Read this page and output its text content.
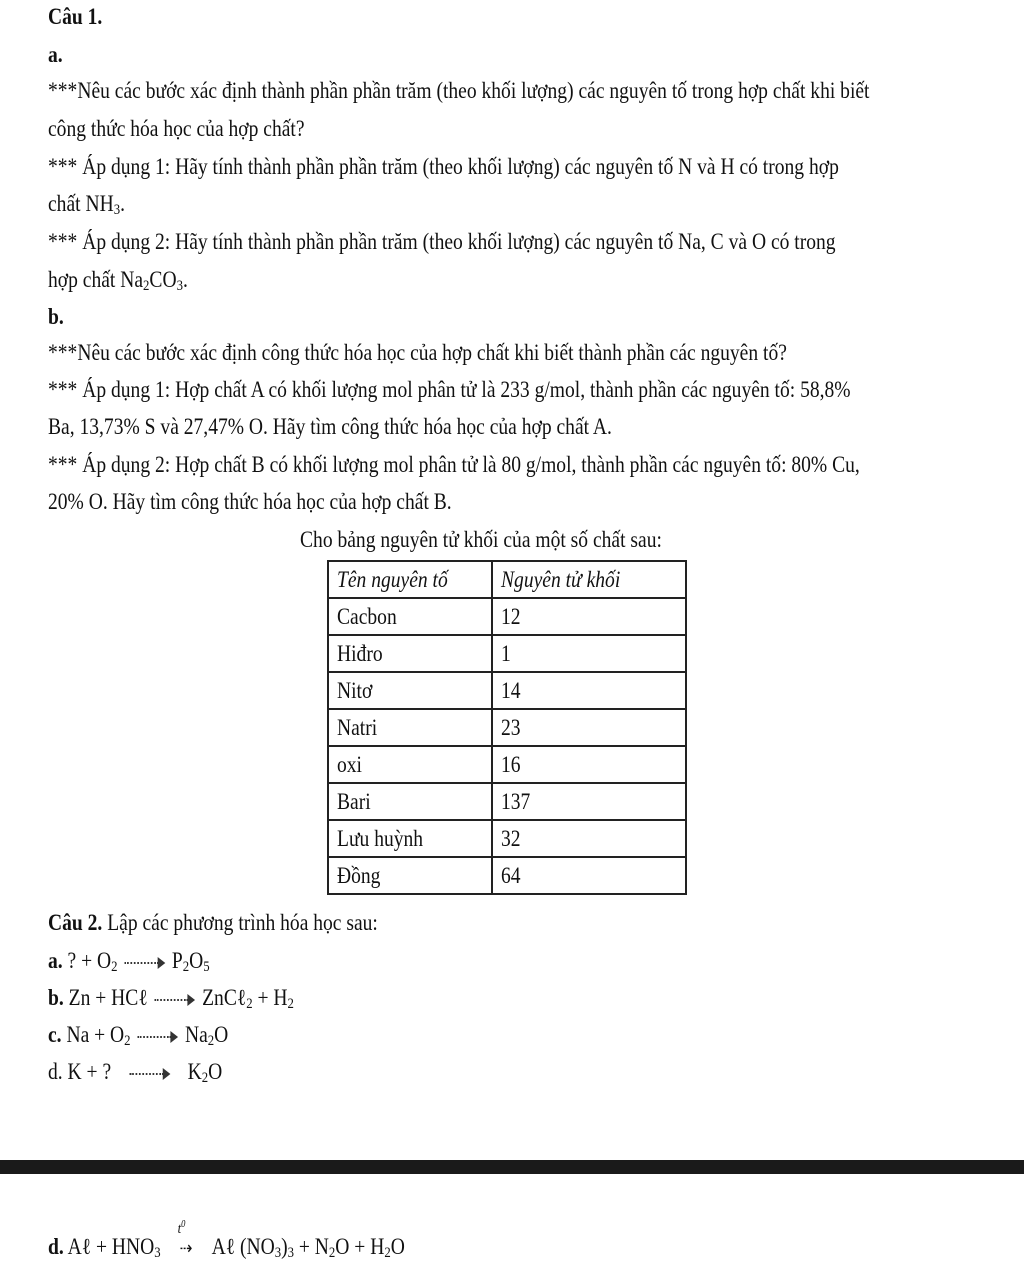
Câu 1.
a.
***Nêu các bước xác định thành phần phần trăm (theo khối lượng) các nguyên tố trong hợp chất khi biết
công thức hóa học của hợp chất?
*** Áp dụng 1: Hãy tính thành phần phần trăm (theo khối lượng) các nguyên tố N và H có trong hợp
chất $NH_3$.
*** Áp dụng 2: Hãy tính thành phần phần trăm (theo khối lượng) các nguyên tố Na, C và O có trong
hợp chất $Na_2CO_3$.
b.
***Nêu các bước xác định công thức hóa học của hợp chất khi biết thành phần các nguyên tố?
*** Áp dụng 1: Hợp chất A có khối lượng mol phân tử là 233 g/mol, thành phần các nguyên tố: 58,8%
Ba, 13,73% S và 27,47% O. Hãy tìm công thức hóa học của hợp chất A.
*** Áp dụng 2: Hợp chất B có khối lượng mol phân tử là 80 g/mol, thành phần các nguyên tố: 80% Cu,
20% O. Hãy tìm công thức hóa học của hợp chất B.
Cho bảng nguyên tử khối của một số chất sau:
Tên nguyên tố	Nguyên tử khối
Cacbon	12
Hiđro	1
Nitơ	14
Natri	23
oxi	16
Bari	137
Lưu huỳnh	32
Đồng	64
Câu 2. Lập các phương trình hóa học sau:
a. ? + $O_2$ $P_2O_5$
b. Zn + HCℓ ZnCℓ$_2$ + $H_2$
c. $Na + O_2$ $Na_2O$
d. K + ?	$K_2O$
d. Aℓ + $HNO_3$
$t^0$
⇢ Aℓ $(NO_3)_3 + N_2O + H_2O$
